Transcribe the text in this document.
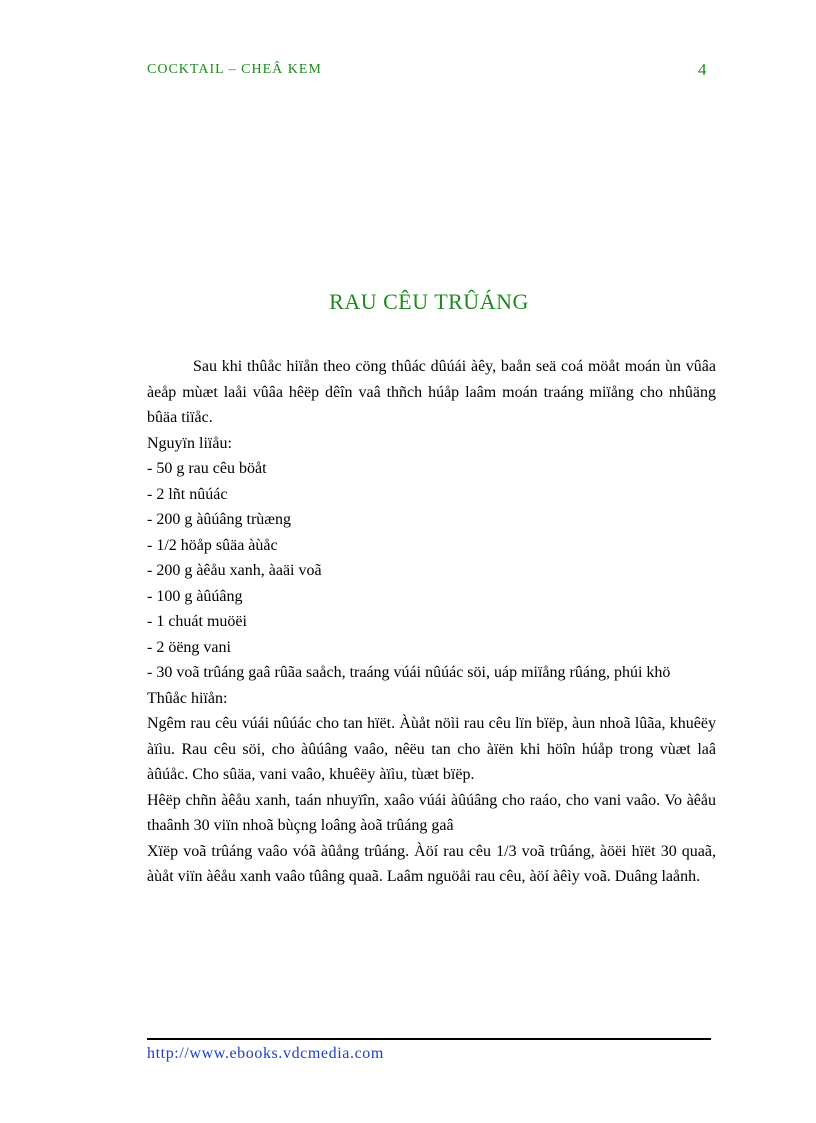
COCKTAIL – CHEÂ KEM	4
RAU CÊU TRÛÁNG

Sau khi thûåc hiïån theo cöng thûác dûúái àêy, baån seä coá möåt moán ùn vûâa àeåp mùæt laåi vûâa hêëp dêîn vaâ thñch húåp laâm moán traáng miïång cho nhûäng bûäa tiïåc.

Nguyïn liïåu:

- 50 g rau cêu böåt
- 2 lñt nûúác
- 200 g àûúâng trùæng
- 1/2 höåp sûäa àùåc
- 200 g àêåu xanh, àaäi voã
- 100 g àûúâng
- 1 chuát muöëi
- 2 öëng vani
- 30 voã trûáng gaâ rûãa saåch, traáng vúái nûúác söi, uáp miïång rûáng, phúi khö

Thûåc hiïån:

Ngêm rau cêu vúái nûúác cho tan hïët. Àùåt nöìi rau cêu lïn bïëp, àun nhoã lûãa, khuêëy àïìu. Rau cêu söi, cho àûúâng vaâo, nêëu tan cho àïën khi höîn húåp trong vùæt laâ àûúåc. Cho sûäa, vani vaâo, khuêëy àïìu, tùæt bïëp.

Hêëp chñn àêåu xanh, taán nhuyïîn, xaâo vúái àûúâng cho raáo, cho vani vaâo. Vo àêåu thaânh 30 viïn nhoã bùçng loâng àoã trûáng gaâ

Xïëp voã trûáng vaâo vóã àûång trûáng. Àöí rau cêu 1/3 voã trûáng, àöëi hïët 30 quaã, àùåt viïn àêåu xanh vaâo tûâng quaã. Laâm nguöåi rau cêu, àöí àêìy voã. Duâng laånh.

http://www.ebooks.vdcmedia.com
